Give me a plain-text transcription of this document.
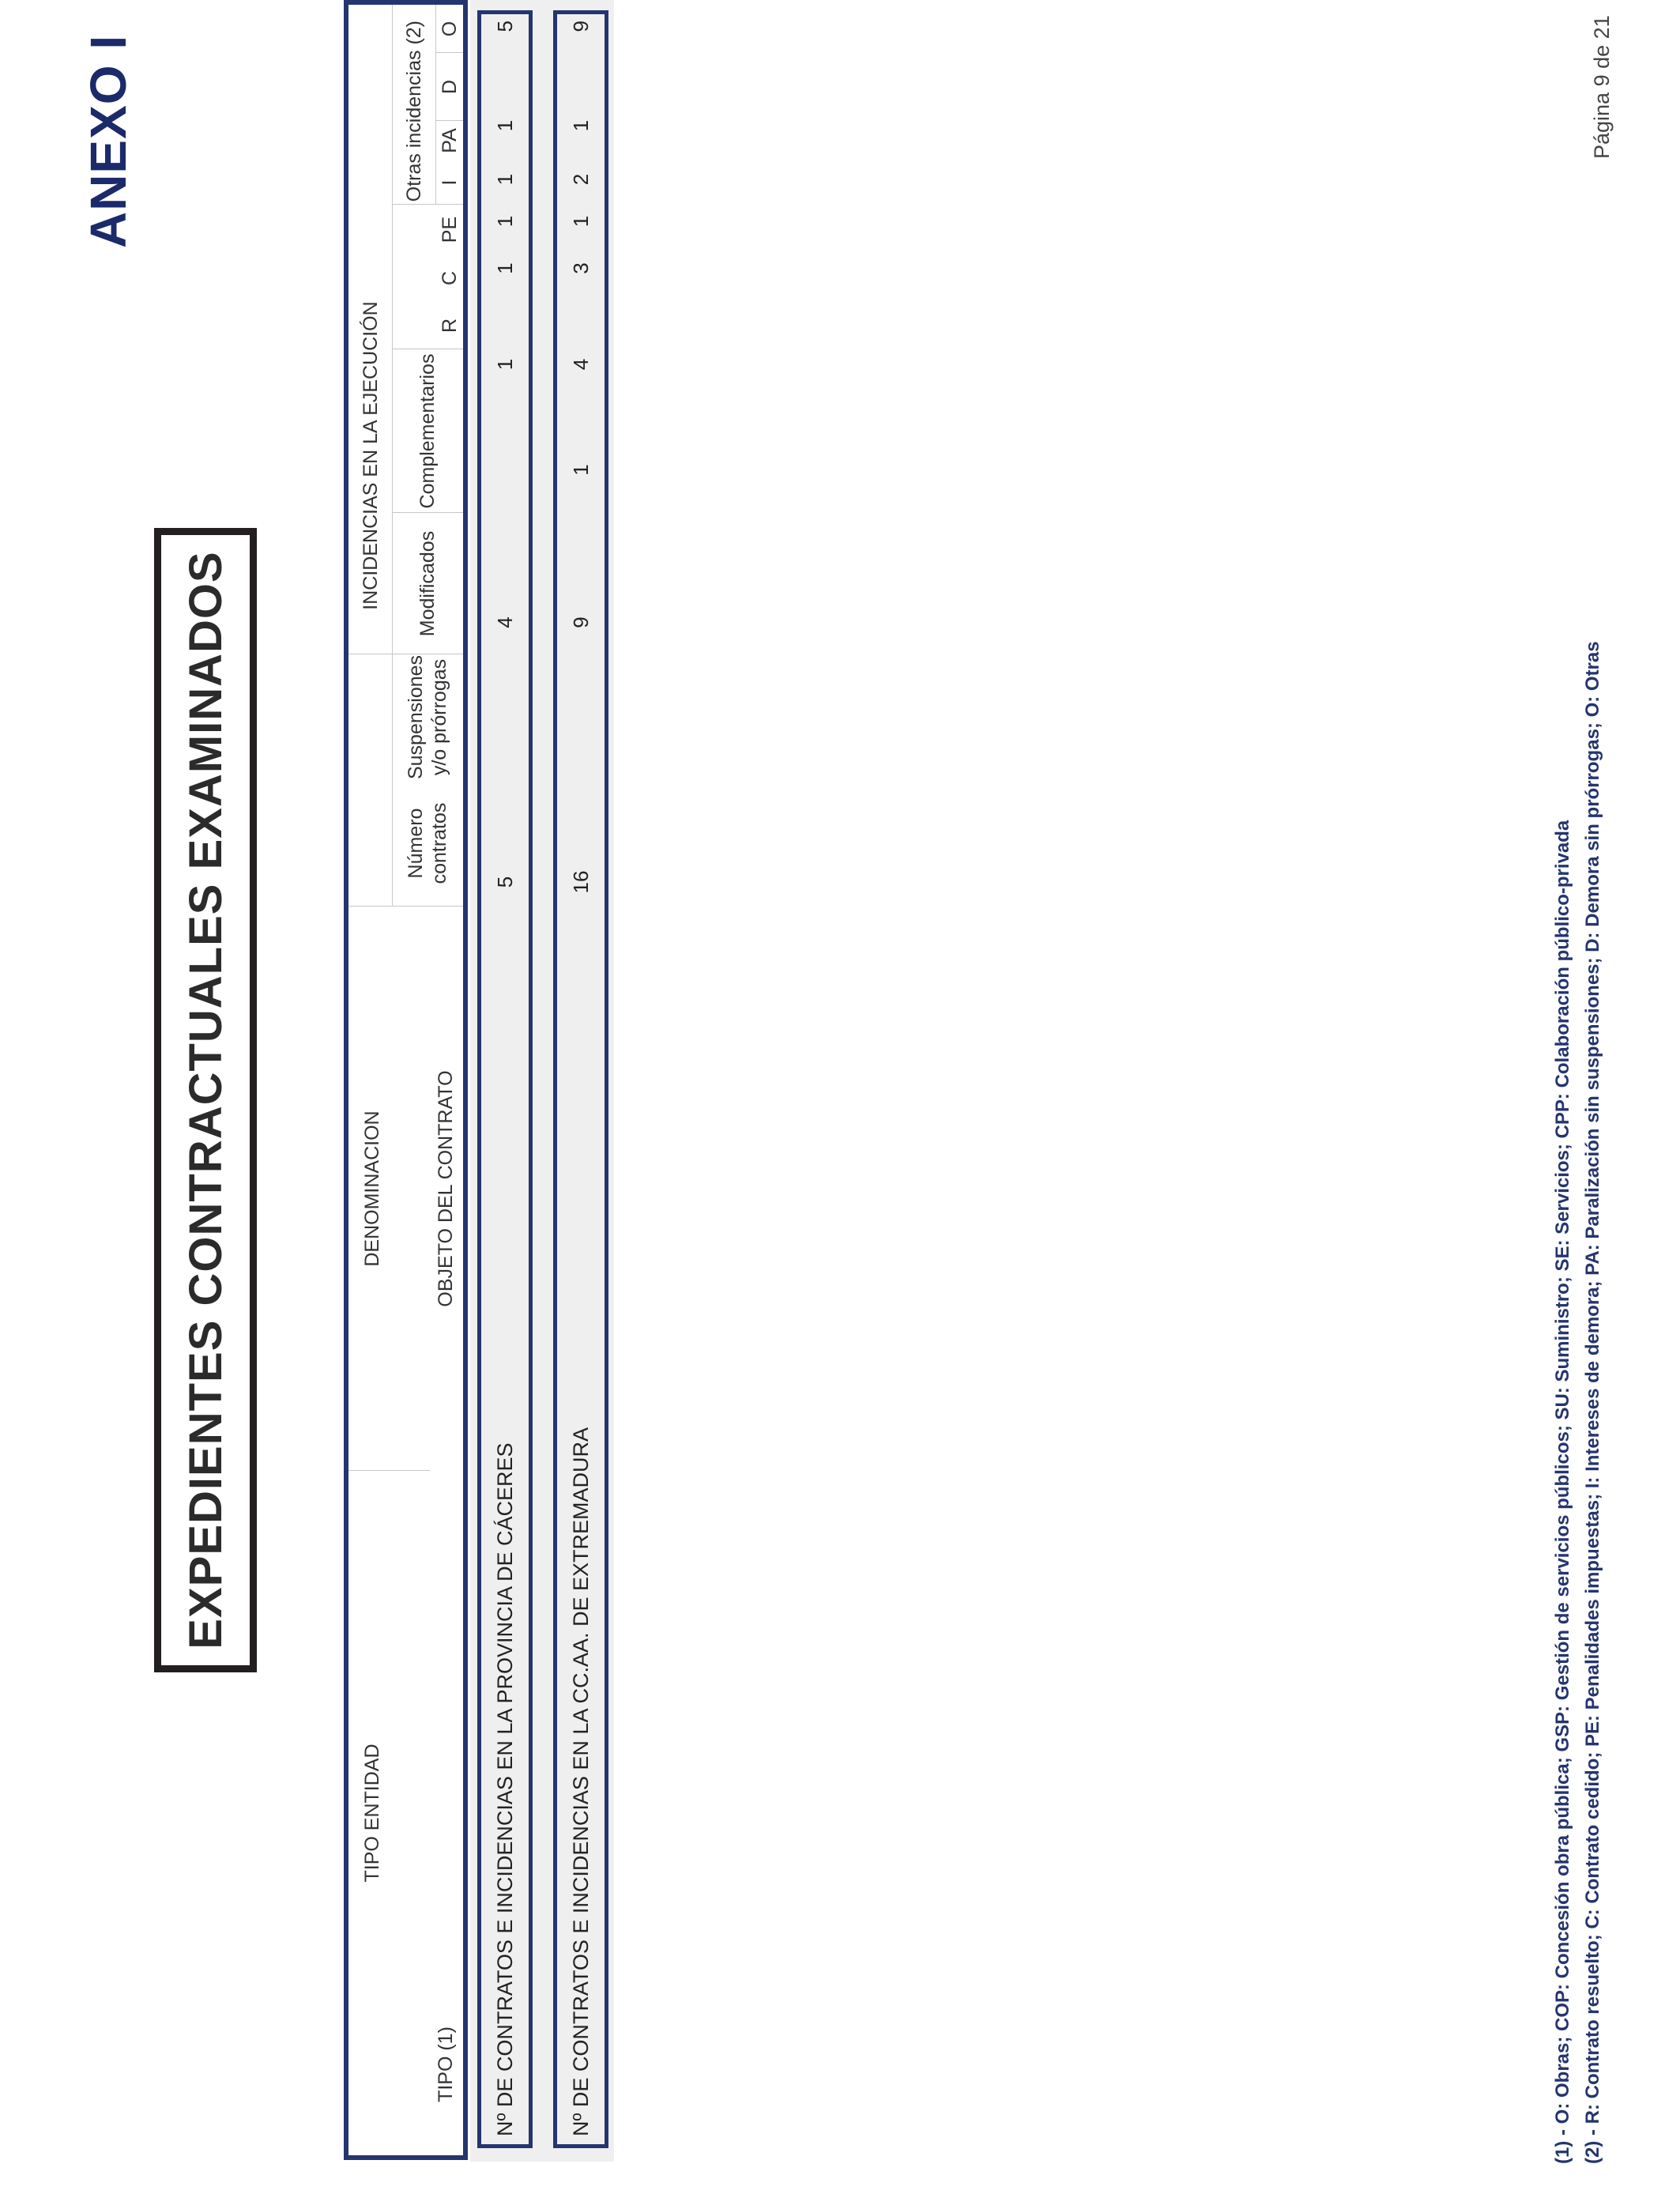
ANEXO I
EXPEDIENTES CONTRACTUALES EXAMINADOS
TIPO ENTIDAD
DENOMINACION
INCIDENCIAS EN LA EJECUCIÓN
TIPO (1)
OBJETO DEL CONTRATO
Número contratos
Suspensiones y/o prórrogas
Modificados
Complementarios
Otras incidencias (2)
R
C
PE
I
PA
D
O
Nº DE CONTRATOS E INCIDENCIAS EN LA PROVINCIA DE CÁCERES
5
4
1
1
1
1
1
5
Nº DE CONTRATOS E INCIDENCIAS EN LA CC.AA. DE EXTREMADURA
16
9
1
4
3
1
2
1
9
(1) - O: Obras; COP: Concesión obra pública; GSP: Gestión de servicios públicos; SU: Suministro; SE: Servicios; CPP: Colaboración público-privada (2) - R: Contrato resuelto; C: Contrato cedido; PE: Penalidades impuestas; I: Intereses de demora; PA: Paralización sin suspensiones; D: Demora sin prórrogas; O: Otras
Página 9 de 21
